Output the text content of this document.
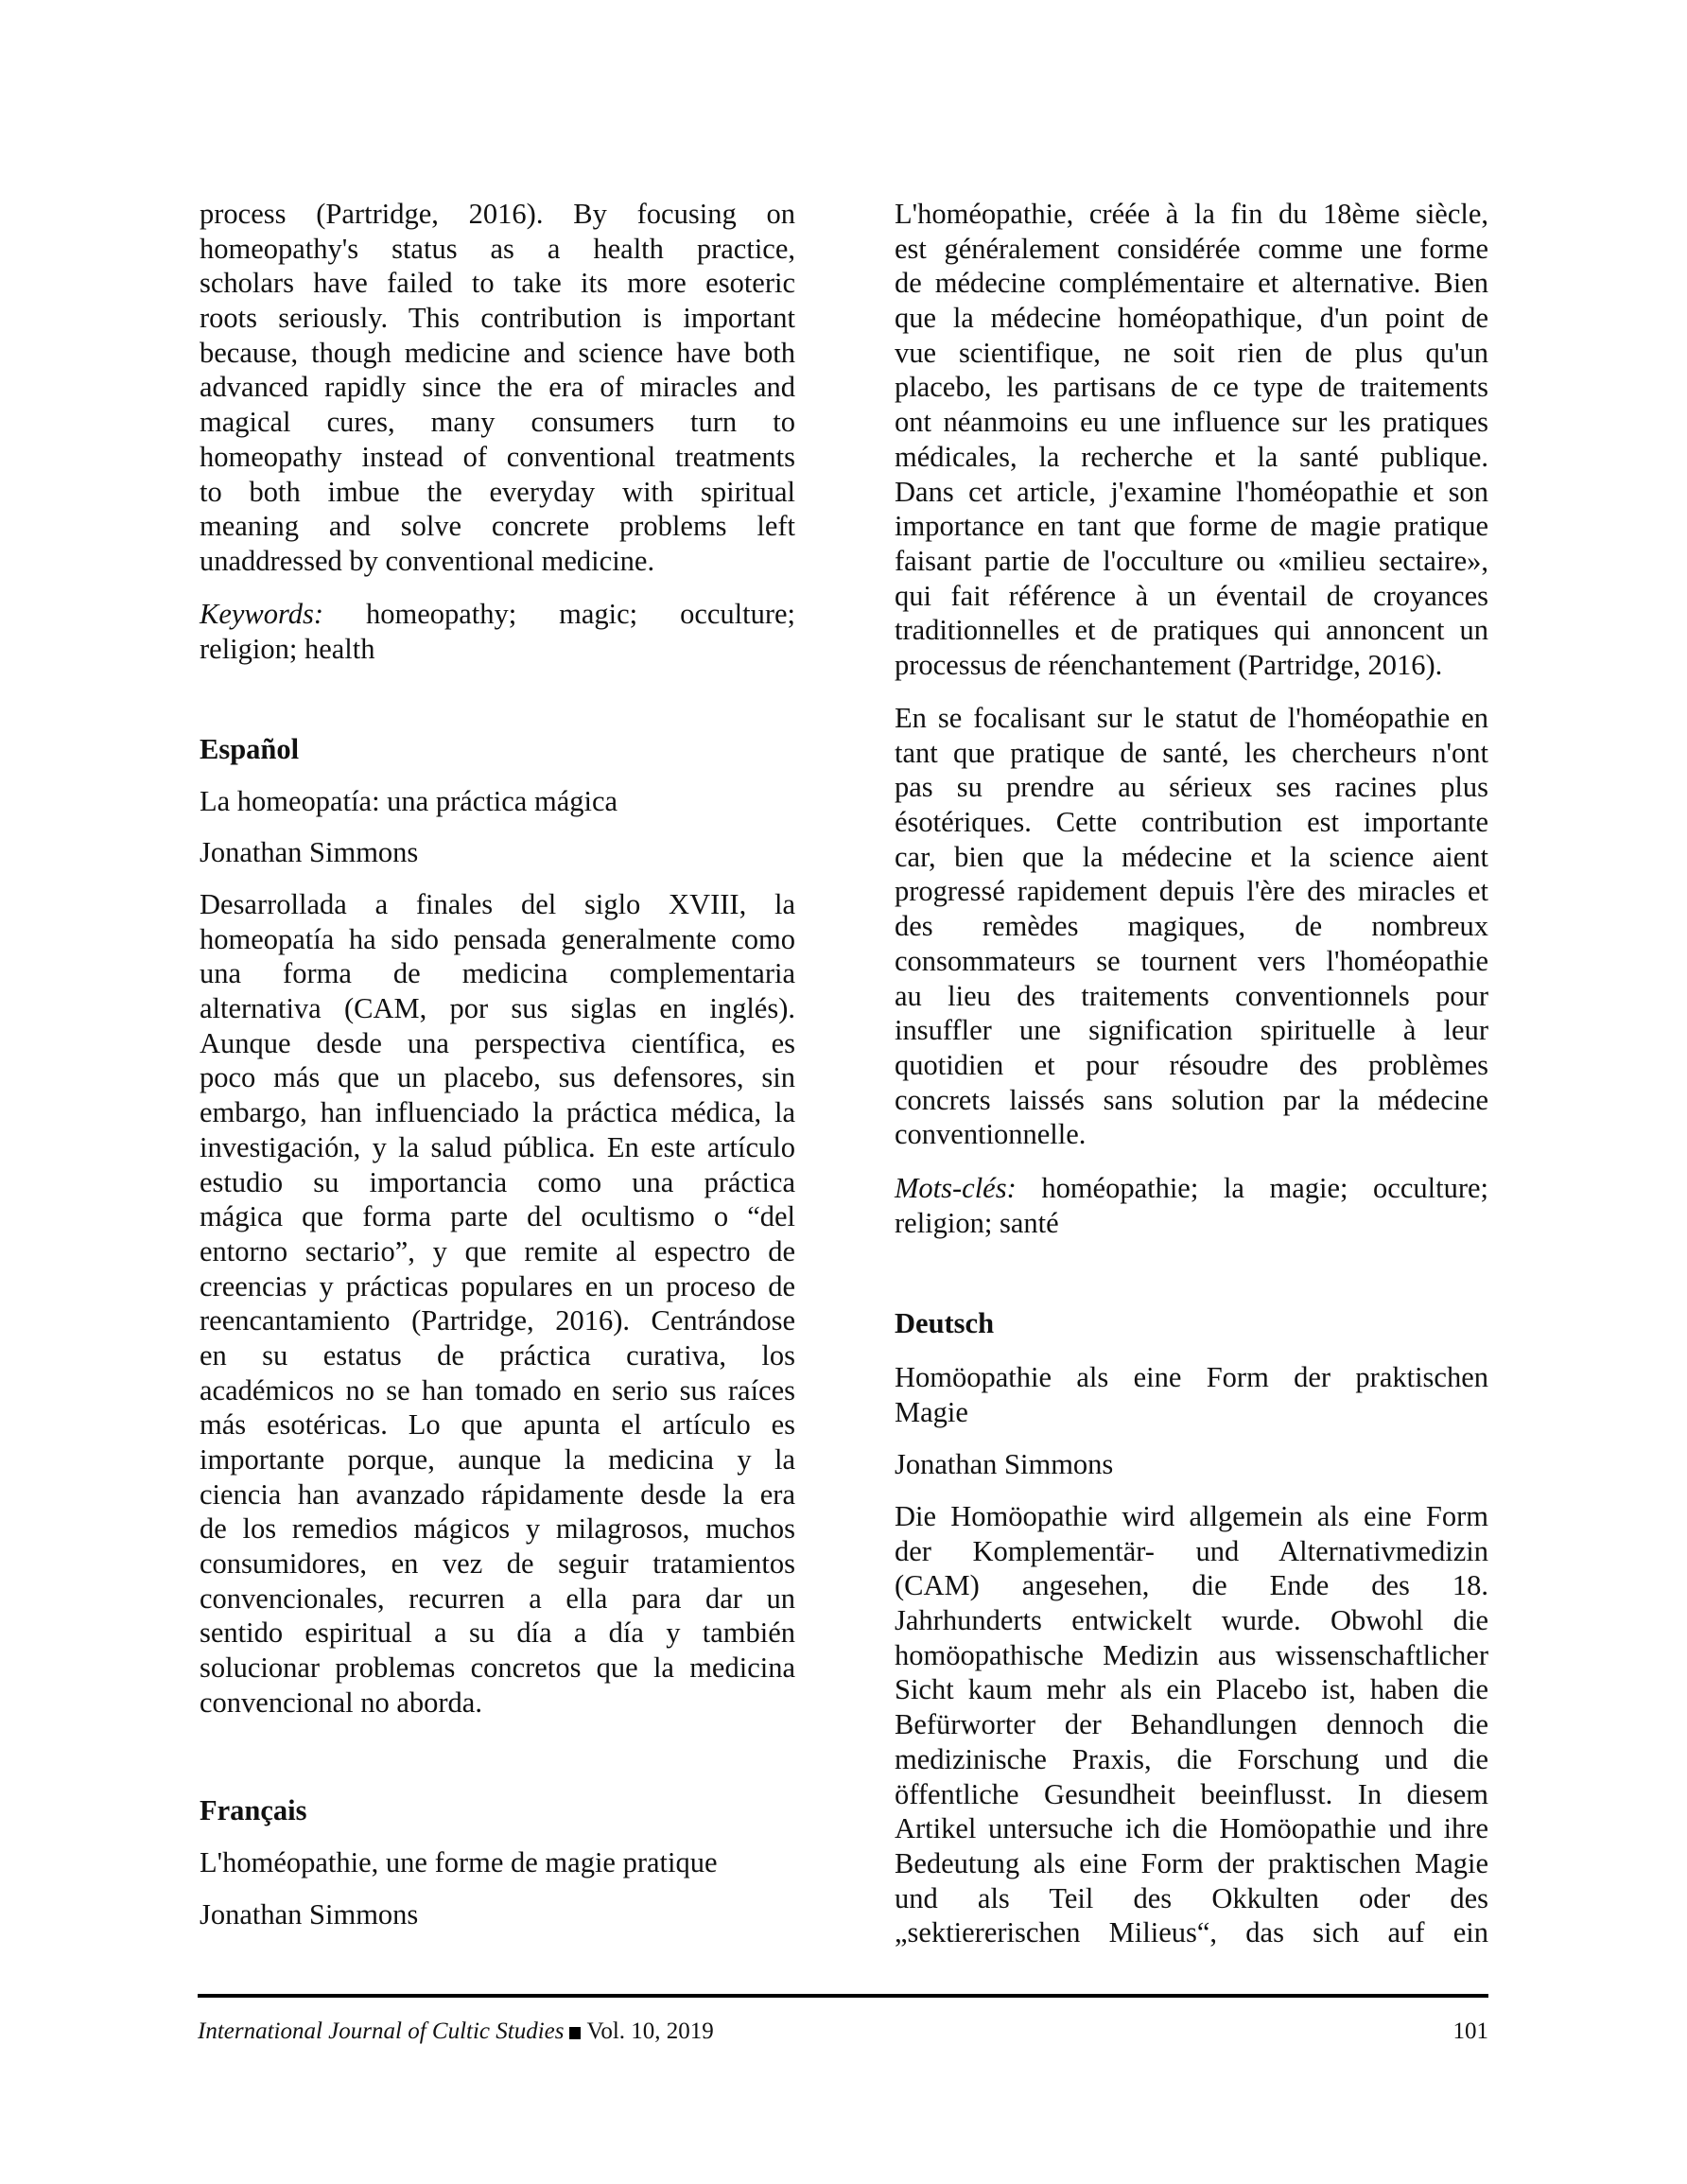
process (Partridge, 2016). By focusing on
homeopathy's status as a health practice,
scholars have failed to take its more esoteric
roots seriously. This contribution is important
because, though medicine and science have both
advanced rapidly since the era of miracles and
magical cures, many consumers turn to
homeopathy instead of conventional treatments
to both imbue the everyday with spiritual
meaning and solve concrete problems left
unaddressed by conventional medicine.
Keywords: homeopathy; magic; occulture;
religion; health
Español
La homeopatía: una práctica mágica
Jonathan Simmons
Desarrollada a finales del siglo XVIII, la
homeopatía ha sido pensada generalmente como
una forma de medicina complementaria
alternativa (CAM, por sus siglas en inglés).
Aunque desde una perspectiva científica, es
poco más que un placebo, sus defensores, sin
embargo, han influenciado la práctica médica, la
investigación, y la salud pública. En este artículo
estudio su importancia como una práctica
mágica que forma parte del ocultismo o “del
entorno sectario”, y que remite al espectro de
creencias y prácticas populares en un proceso de
reencantamiento (Partridge, 2016). Centrándose
en su estatus de práctica curativa, los
académicos no se han tomado en serio sus raíces
más esotéricas. Lo que apunta el artículo es
importante porque, aunque la medicina y la
ciencia han avanzado rápidamente desde la era
de los remedios mágicos y milagrosos, muchos
consumidores, en vez de seguir tratamientos
convencionales, recurren a ella para dar un
sentido espiritual a su día a día y también
solucionar problemas concretos que la medicina
convencional no aborda.
Français
L'homéopathie, une forme de magie pratique
Jonathan Simmons
L'homéopathie, créée à la fin du 18ème siècle,
est généralement considérée comme une forme
de médecine complémentaire et alternative. Bien
que la médecine homéopathique, d'un point de
vue scientifique, ne soit rien de plus qu'un
placebo, les partisans de ce type de traitements
ont néanmoins eu une influence sur les pratiques
médicales, la recherche et la santé publique.
Dans cet article, j'examine l'homéopathie et son
importance en tant que forme de magie pratique
faisant partie de l'occulture ou «milieu sectaire»,
qui fait référence à un éventail de croyances
traditionnelles et de pratiques qui annoncent un
processus de réenchantement (Partridge, 2016).
En se focalisant sur le statut de l'homéopathie en
tant que pratique de santé, les chercheurs n'ont
pas su prendre au sérieux ses racines plus
ésotériques. Cette contribution est importante
car, bien que la médecine et la science aient
progressé rapidement depuis l'ère des miracles et
des remèdes magiques, de nombreux
consommateurs se tournent vers l'homéopathie
au lieu des traitements conventionnels pour
insuffler une signification spirituelle à leur
quotidien et pour résoudre des problèmes
concrets laissés sans solution par la médecine
conventionnelle.
Mots-clés: homéopathie; la magie; occulture;
religion; santé
Deutsch
Homöopathie als eine Form der praktischen
Magie
Jonathan Simmons
Die Homöopathie wird allgemein als eine Form
der Komplementär- und Alternativmedizin
(CAM) angesehen, die Ende des 18.
Jahrhunderts entwickelt wurde. Obwohl die
homöopathische Medizin aus wissenschaftlicher
Sicht kaum mehr als ein Placebo ist, haben die
Befürworter der Behandlungen dennoch die
medizinische Praxis, die Forschung und die
öffentliche Gesundheit beeinflusst. In diesem
Artikel untersuche ich die Homöopathie und ihre
Bedeutung als eine Form der praktischen Magie
und als Teil des Okkulten oder des
„sektiererischen Milieus“, das sich auf ein
International Journal of Cultic Studies Vol. 10, 2019	101
